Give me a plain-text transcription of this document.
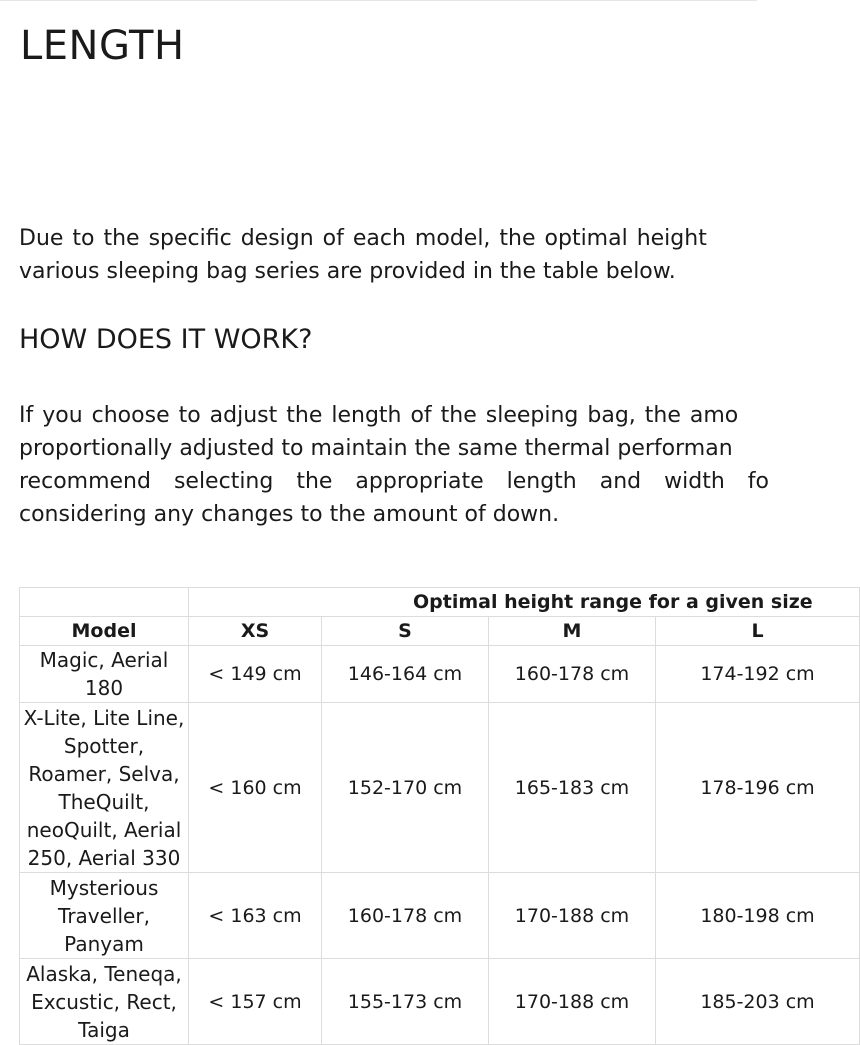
LENGTH

Due to the specific design of each model, the optimal height
various sleeping bag series are provided in the table below.

HOW DOES IT WORK?

If you choose to adjust the length of the sleeping bag, the amo
proportionally adjusted to maintain the same thermal performan
recommend selecting the appropriate length and width fo
considering any changes to the amount of down.

	Optimal height range for a given size			
Model	XS	S	M	L
Magic, Aerial 180	< 149 cm	146-164 cm	160-178 cm	174-192 cm
X-Lite, Lite Line, Spotter, Roamer, Selva, TheQuilt, neoQuilt, Aerial 250, Aerial 330	< 160 cm	152-170 cm	165-183 cm	178-196 cm
Mysterious Traveller, Panyam	< 163 cm	160-178 cm	170-188 cm	180-198 cm
Alaska, Teneqa, Excustic, Rect, Taiga	< 157 cm	155-173 cm	170-188 cm	185-203 cm
